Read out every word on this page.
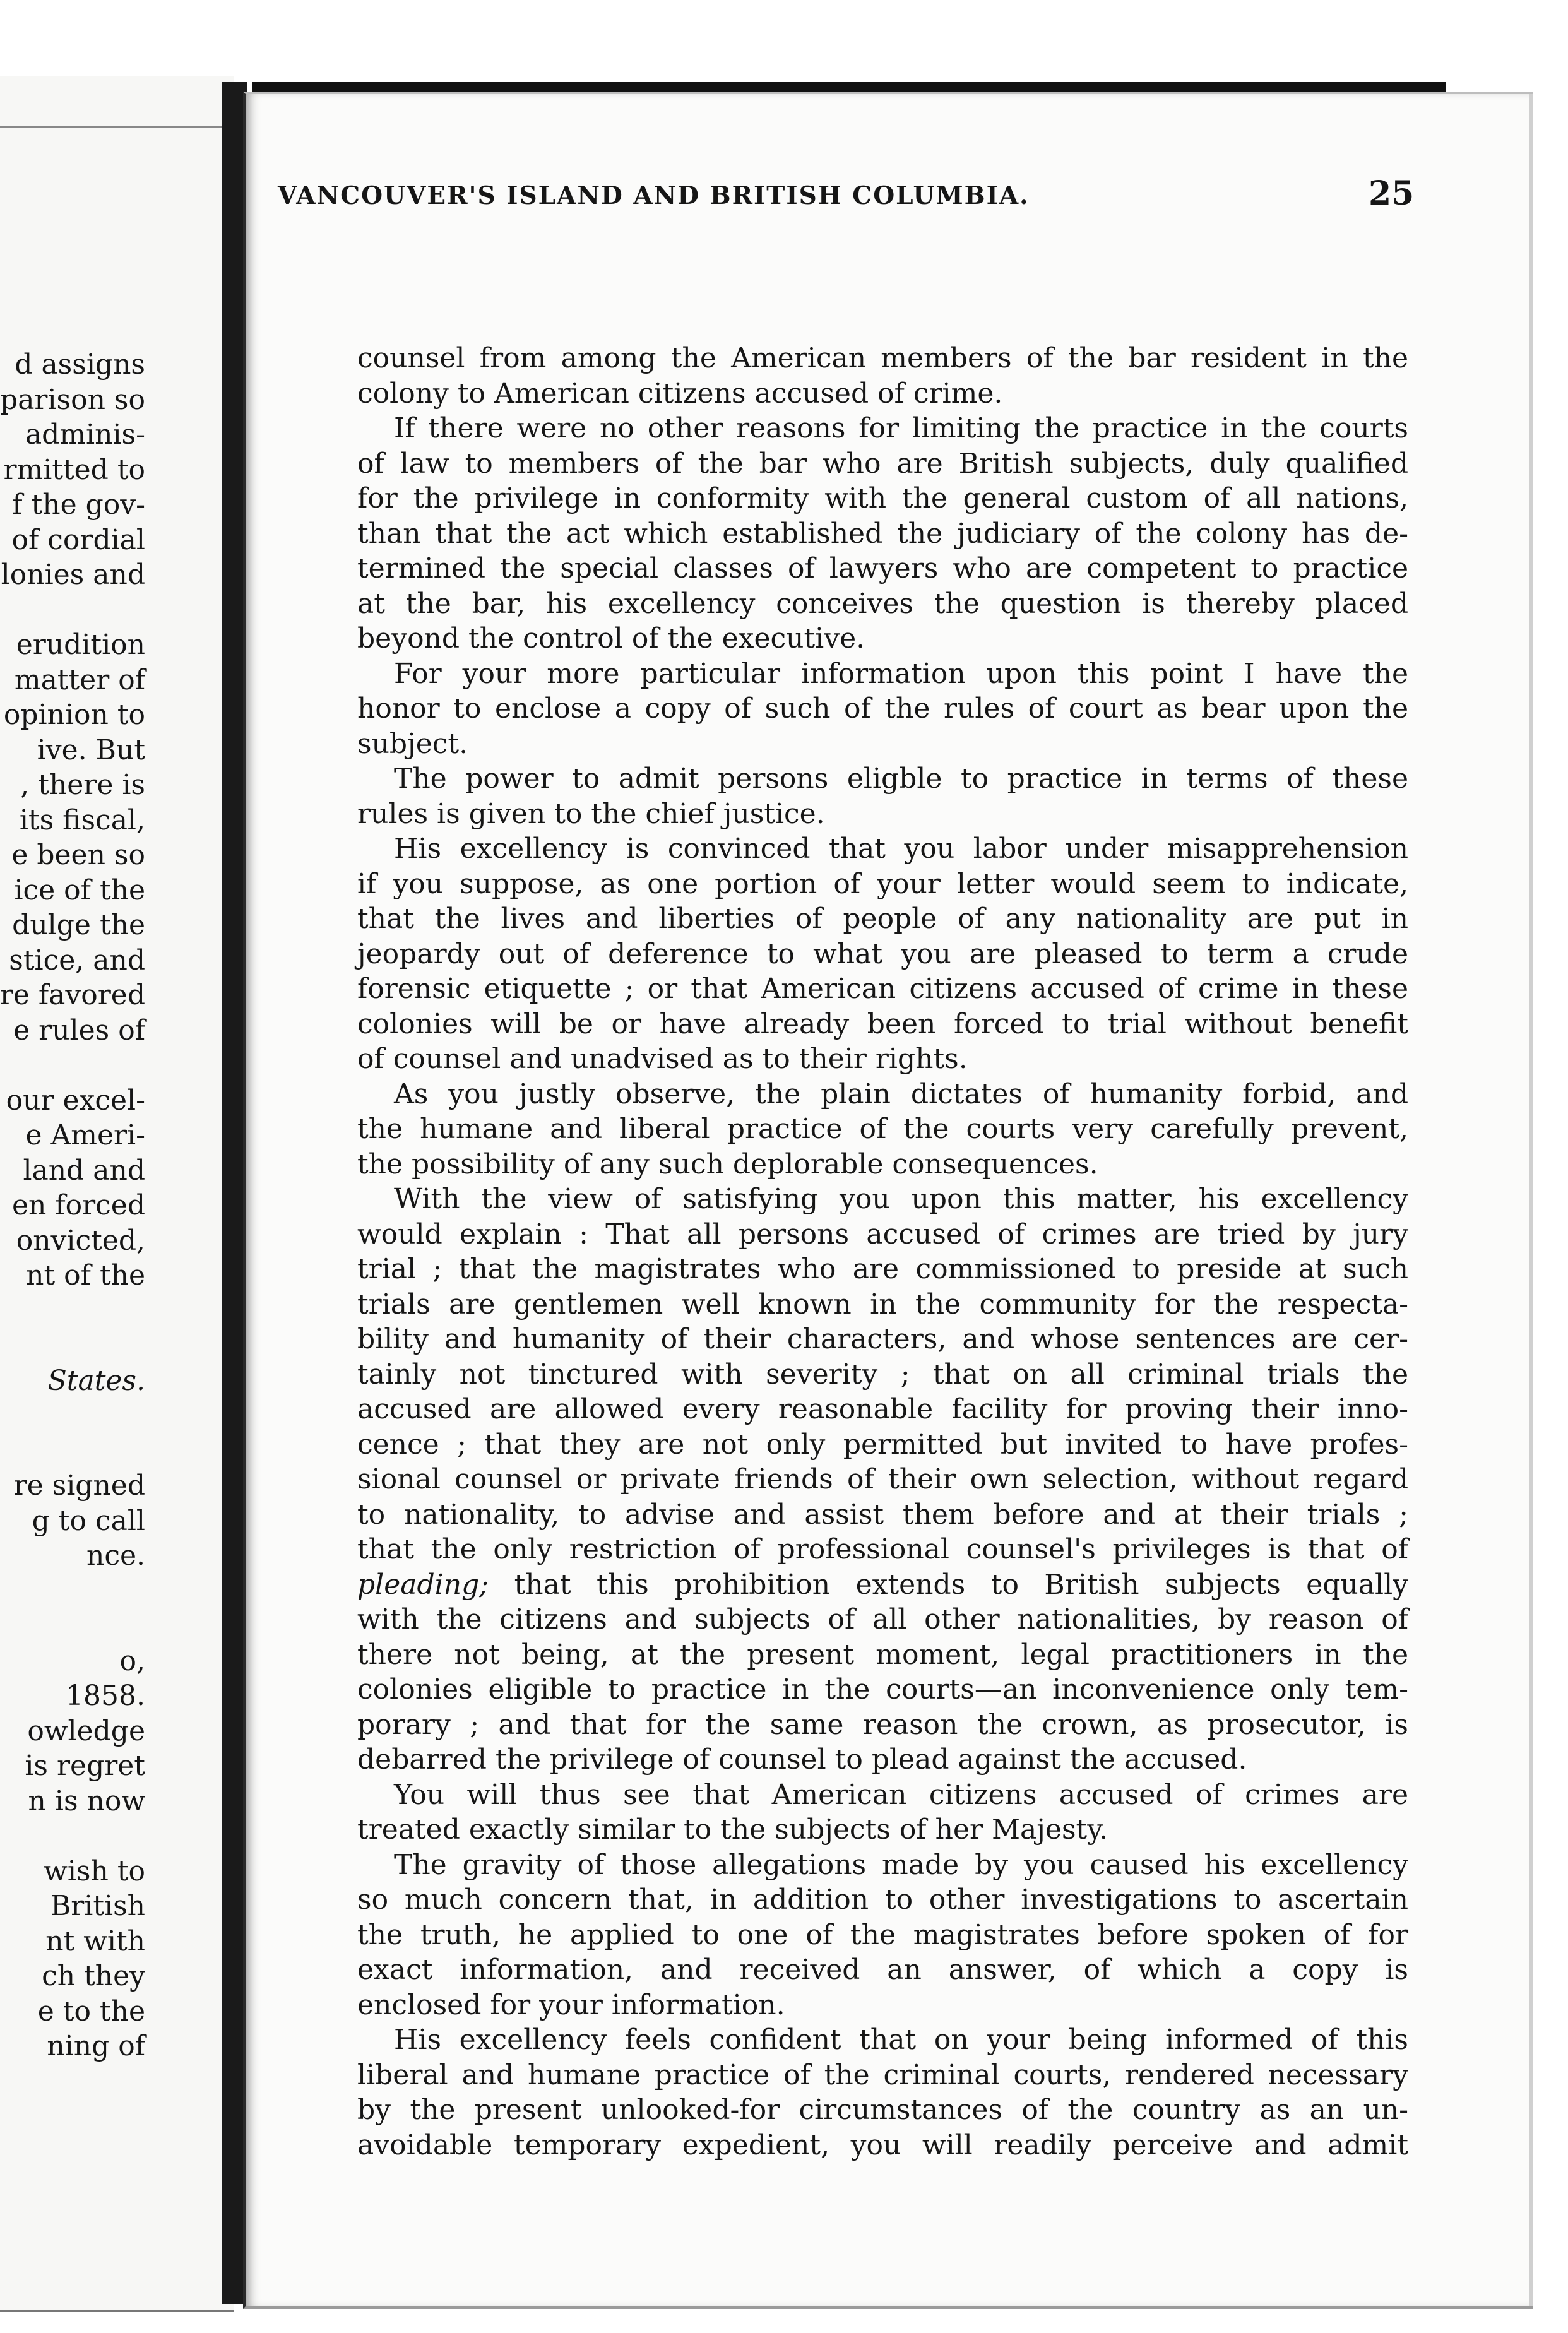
d assigns
parison so
adminis-
rmitted to
f the gov-
of cordial
lonies and
erudition
matter of
opinion to
ive. But
, there is
its fiscal,
e been so
ice of the
dulge the
stice, and
re favored
e rules of
our excel-
e Ameri-
land and
en forced
onvicted,
nt of the
States.
re signed
g to call
nce.
o,
1858.
owledge
is regret
n is now
wish to
British
nt with
ch they
e to the
ning of
VANCOUVER'S ISLAND AND BRITISH COLUMBIA.	25
counsel from among the American members of the bar resident in the
colony to American citizens accused of crime.
If there were no other reasons for limiting the practice in the courts
of law to members of the bar who are British subjects, duly qualified
for the privilege in conformity with the general custom of all nations,
than that the act which established the judiciary of the colony has de-
termined the special classes of lawyers who are competent to practice
at the bar, his excellency conceives the question is thereby placed
beyond the control of the executive.
For your more particular information upon this point I have the
honor to enclose a copy of such of the rules of court as bear upon the
subject.
The power to admit persons eligble to practice in terms of these
rules is given to the chief justice.
His excellency is convinced that you labor under misapprehension
if you suppose, as one portion of your letter would seem to indicate,
that the lives and liberties of people of any nationality are put in
jeopardy out of deference to what you are pleased to term a crude
forensic etiquette ; or that American citizens accused of crime in these
colonies will be or have already been forced to trial without benefit
of counsel and unadvised as to their rights.
As you justly observe, the plain dictates of humanity forbid, and
the humane and liberal practice of the courts very carefully prevent,
the possibility of any such deplorable consequences.
With the view of satisfying you upon this matter, his excellency
would explain : That all persons accused of crimes are tried by jury
trial ; that the magistrates who are commissioned to preside at such
trials are gentlemen well known in the community for the respecta-
bility and humanity of their characters, and whose sentences are cer-
tainly not tinctured with severity ; that on all criminal trials the
accused are allowed every reasonable facility for proving their inno-
cence ; that they are not only permitted but invited to have profes-
sional counsel or private friends of their own selection, without regard
to nationality, to advise and assist them before and at their trials ;
that the only restriction of professional counsel's privileges is that of
pleading; that this prohibition extends to British subjects equally
with the citizens and subjects of all other nationalities, by reason of
there not being, at the present moment, legal practitioners in the
colonies eligible to practice in the courts—an inconvenience only tem-
porary ; and that for the same reason the crown, as prosecutor, is
debarred the privilege of counsel to plead against the accused.
You will thus see that American citizens accused of crimes are
treated exactly similar to the subjects of her Majesty.
The gravity of those allegations made by you caused his excellency
so much concern that, in addition to other investigations to ascertain
the truth, he applied to one of the magistrates before spoken of for
exact information, and received an answer, of which a copy is
enclosed for your information.
His excellency feels confident that on your being informed of this
liberal and humane practice of the criminal courts, rendered necessary
by the present unlooked-for circumstances of the country as an un-
avoidable temporary expedient, you will readily perceive and admit
